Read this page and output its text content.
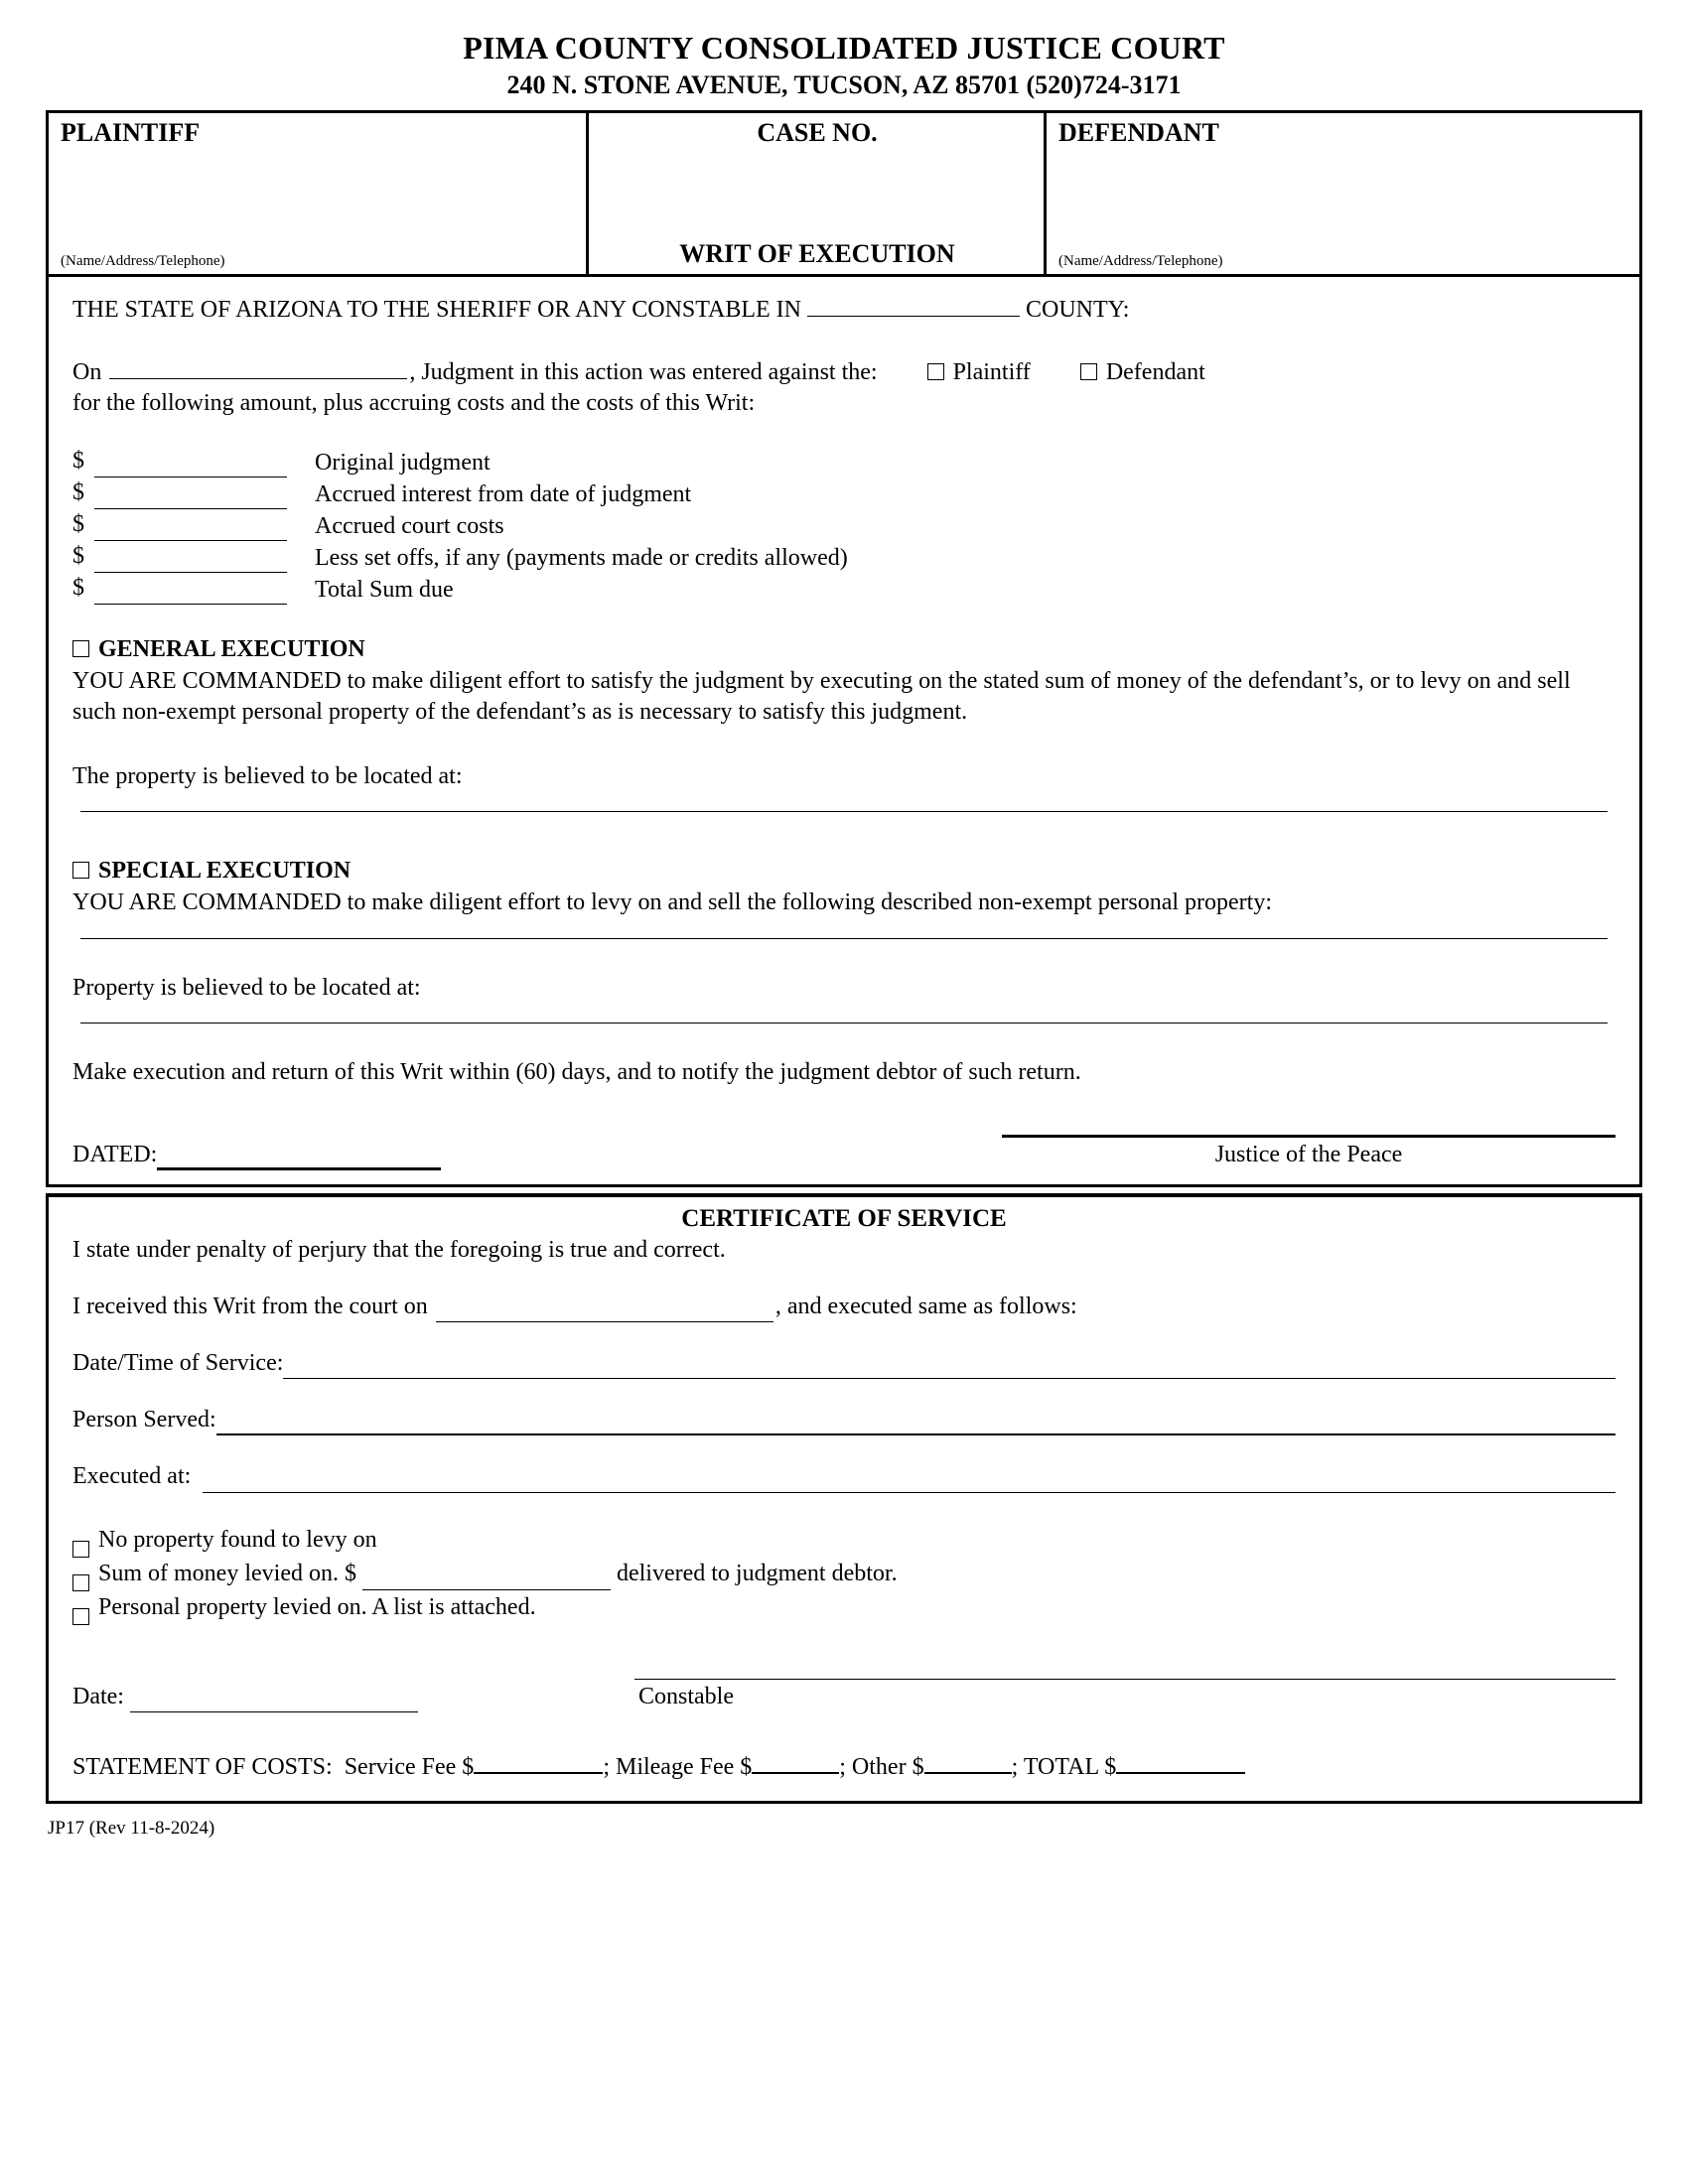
PIMA COUNTY CONSOLIDATED JUSTICE COURT
240 N. STONE AVENUE, TUCSON, AZ 85701 (520)724-3171
PLAINTIFF
(Name/Address/Telephone)
CASE NO.
WRIT OF EXECUTION
DEFENDANT
(Name/Address/Telephone)
THE STATE OF ARIZONA TO THE SHERIFF OR ANY CONSTABLE IN	COUNTY:
On	, Judgment in this action was entered against the:	Plaintiff	Defendant
for the following amount, plus accruing costs and the costs of this Writ:
$	Original judgment
$	Accrued interest from date of judgment
$	Accrued court costs
$	Less set offs, if any (payments made or credits allowed)
$	Total Sum due
GENERAL EXECUTION
YOU ARE COMMANDED to make diligent effort to satisfy the judgment by executing on the stated sum of money of the defendant’s, or to levy on and sell such non-exempt personal property of the defendant’s as is necessary to satisfy this judgment.
The property is believed to be located at:
SPECIAL EXECUTION
YOU ARE COMMANDED to make diligent effort to levy on and sell the following described non-exempt personal property:
Property is believed to be located at:
Make execution and return of this Writ within (60) days, and to notify the judgment debtor of such return.
DATED:	Justice of the Peace
CERTIFICATE OF SERVICE
I state under penalty of perjury that the foregoing is true and correct.
I received this Writ from the court on	, and executed same as follows:
Date/Time of Service:
Person Served:
Executed at:
No property found to levy on
Sum of money levied on. $	delivered to judgment debtor.
Personal property levied on. A list is attached.
Date:	Constable
STATEMENT OF COSTS: Service Fee $	; Mileage Fee $	; Other $	; TOTAL $
JP17 (Rev 11-8-2024)
